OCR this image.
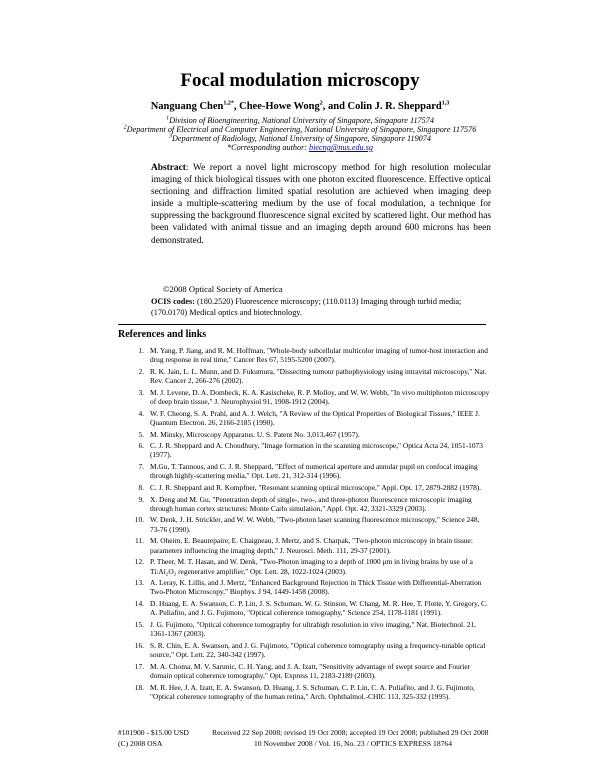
Focal modulation microscopy
Nanguang Chen$^{1,2*}$, Chee-Howe Wong$^2$, and Colin J. R. Sheppard$^{1,3}$
$^1$Division of Bioengineering, National University of Singapore, Singapore 117574
$^2$Department of Electrical and Computer Engineering, National University of Singapore, Singapore 117576
$^3$Department of Radiology, National University of Singapore, Singapore 119074
*Corresponding author: biecng@nus.edu.sg
Abstract: We report a novel light microscopy method for high resolution molecular imaging of thick biological tissues with one photon excited fluorescence. Effective optical sectioning and diffraction limited spatial resolution are achieved when imaging deep inside a multiple-scattering medium by the use of focal modulation, a technique for suppressing the background fluorescence signal excited by scattered light. Our method has been validated with animal tissue and an imaging depth around 600 microns has been demonstrated.
©2008 Optical Society of America
OCIS codes: (180.2520) Fluorescence microscopy; (110.0113) Imaging through turbid media; (170.0170) Medical optics and biotechnology.
References and links
1. M. Yang, P. Jiang, and R. M. Hoffman, "Whole-body subcellular multicolor imaging of tumor-host interaction and drug response in real time," Cancer Res 67, 5195-5200 (2007).
2. R. K. Jain, L. L. Munn, and D. Fukumura, "Dissecting tumour pathophysiology using intravital microscopy," Nat. Rev. Cancer 2, 266-276 (2002).
3. M. J. Levene, D. A. Dombeck, K. A. Kasischeke, R. P. Molloy, and W. W. Webb, "In vivo multiphoton microscopy of deep brain tissue," J. Neurophysiol 91, 1908-1912 (2004).
4. W. F. Cheong, S. A. Prahl, and A. J. Welch, "A Review of the Optical Properties of Biological Tissues," IEEE J. Quantum Electron. 26, 2166-2185 (1990).
5. M. Minsky, Microscopy Apparatus. U. S. Patent No. 3,013,467 (1957).
6. C. J. R. Sheppard and A. Choudhury, "Image formation in the scanning microscope," Optica Acta 24, 1051-1073 (1977).
7. M.Gu, T. Tannous, and C. J. R. Sheppard, "Effect of numerical aperture and annular pupil on confocal imaging through highly-scattering media," Opt. Lett. 21, 312-314 (1996).
8. C. J. R. Sheppard and R. Kompfner, "Resonant scanning optical microscope," Appl. Opt. 17, 2879-2882 (1978).
9. X. Deng and M. Gu, "Penetration depth of single-, two-, and three-photon fluorescence microscopic imaging through human cortex structures: Monte Carlo simulation," Appl. Opt. 42, 3321-3329 (2003).
10. W. Denk, J. H. Strickler, and W. W. Webb, "Two-photon laser scanning fluorescence microscopy," Science 248, 73-76 (1990).
11. M. Oheim, E. Beaurepaire, E. Chaigneau, J. Mertz, and S. Charpak, "Two-photon microscopy in brain tissue: parameters influencing the imaging depth," J. Neurosci. Meth. 111, 29-37 (2001).
12. P. Theer, M. T. Hasan, and W. Denk, "Two-Photon imaging to a depth of 1000 μm in living brains by use of a Ti:Al₂O₃ regenerative amplifier," Opt. Lett. 28, 1022-1024 (2003).
13. A. Leray, K. Lillis, and J. Mertz, "Enhanced Background Rejection in Thick Tissue with Differential-Aberration Two-Photon Microscopy," Biophys. J 94, 1449-1458 (2008).
14. D. Huang, E. A. Swanson, C. P. Lin, J. S. Schuman, W. G. Stinson, W. Chang, M. R. Hee, T. Flotte, Y. Gregory, C. A. Puliafito, and J. G. Fujimoto, "Optical coherence tomography," Science 254, 1178-1181 (1991).
15. J. G. Fujimoto, "Optical coherence tomography for ultrahigh resolution in vivo imaging," Nat. Biotechnol. 21, 1361-1367 (2003).
16. S. R. Chin, E. A. Swanson, and J. G. Fujimoto, "Optical coherence tomography using a frequency-tunable optical source," Opt. Lett. 22, 340-342 (1997).
17. M. A. Choma, M. V. Sarunic, C. H. Yang, and J. A. Izatt, "Sensitivity advantage of swept source and Fourier domain optical coherence tomography," Opt. Express 11, 2183-2189 (2003).
18. M. R. Hee, J. A. Izatt, E. A. Swanson, D. Huang, J. S. Schuman, C. P. Lin, C. A. Puliafito, and J. G. Fujimoto, "Optical coherence tomography of the human retina," Arch. Ophthalmol.-CHIC 113, 325-332 (1995).
#101900 - $15.00 USD	Received 22 Sep 2008; revised 19 Oct 2008; accepted 19 Oct 2008; published 29 Oct 2008
(C) 2008 OSA	10 November 2008 / Vol. 16, No. 23 / OPTICS EXPRESS 18764
